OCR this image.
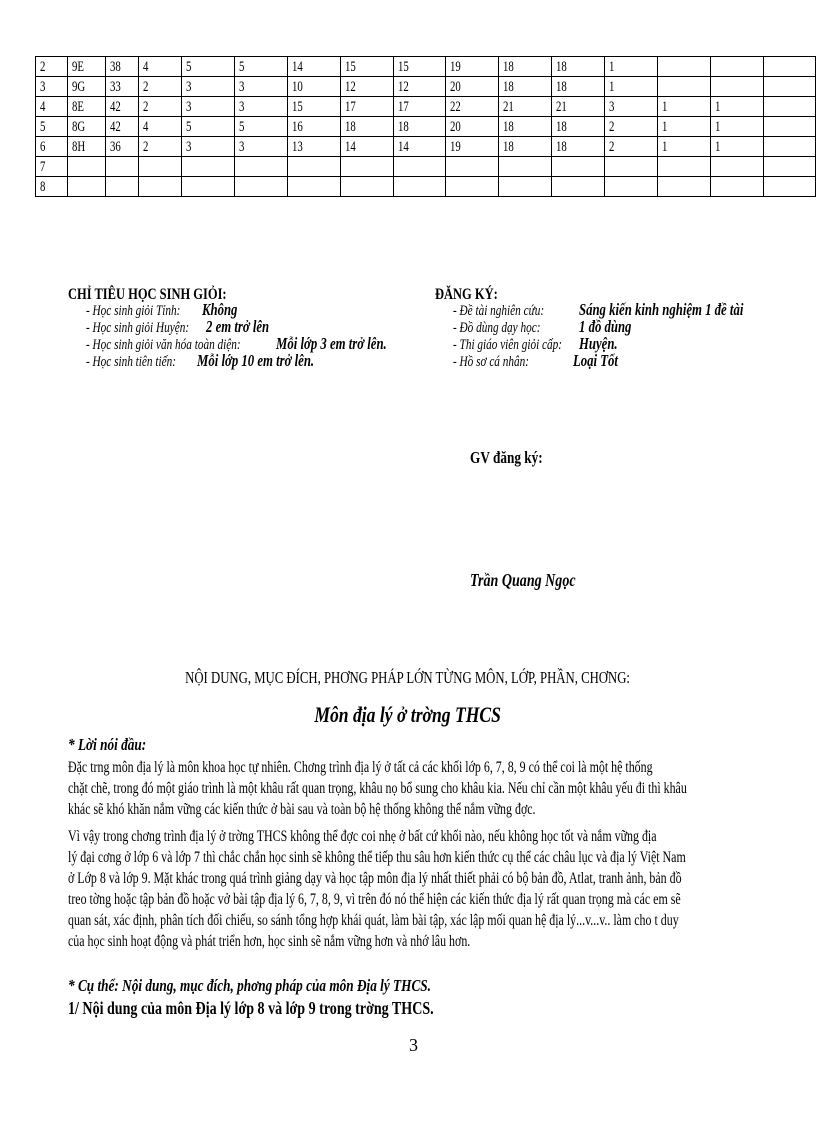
2	9E	38	4	5	5	14	15	15	19	18	18	1			
3	9G	33	2	3	3	10	12	12	20	18	18	1			
4	8E	42	2	3	3	15	17	17	22	21	21	3	1	1	
5	8G	42	4	5	5	16	18	18	20	18	18	2	1	1	
6	8H	36	2	3	3	13	14	14	19	18	18	2	1	1	
7															
8															
CHỈ TIÊU HỌC SINH GIỎI:
- Học sinh giỏi Tỉnh: Không
- Học sinh giỏi Huyện: 2 em trở lên
- Học sinh giỏi văn hóa toàn diện: Mỗi lớp 3 em trở lên.
- Học sinh tiên tiến: Mỗi lớp 10 em trở lên.
ĐĂNG KÝ:
- Đề tài nghiên cứu: Sáng kiến kinh nghiệm 1 đề tài
- Đồ dùng dạy học: 1 đồ dùng
- Thi giáo viên giỏi cấp: Huyện.
- Hồ sơ cá nhân:	Loại Tốt
GV đăng ký:
Trần Quang Ngọc
NỘI DUNG, MỤC ĐÍCH, PHƠNG PHÁP LỚN TỪNG MÔN, LỚP, PHẦN, CHƠNG:
Môn địa lý ở trờng THCS
* Lời nói đầu:
Đặc trng môn địa lý là môn khoa học tự nhiên. Chơng trình địa lý ở tất cả các khối lớp 6, 7, 8, 9 có thể coi là một hệ thống
chặt chẽ, trong đó một giáo trình là một khâu rất quan trọng, khâu nọ bổ sung cho khâu kia. Nếu chỉ cần một khâu yếu đi thì khâu
khác sẽ khó khăn nắm vững các kiến thức ở bài sau và toàn bộ hệ thống không thể nắm vững đợc.
Vì vậy trong chơng trình địa lý ở trờng THCS không thể đợc coi nhẹ ở bất cứ khối nào, nếu không học tốt và nắm vững địa
lý đại cơng ở lớp 6 và lớp 7 thì chắc chắn học sinh sẽ không thể tiếp thu sâu hơn kiến thức cụ thể các châu lục và địa lý Việt Nam
ở Lớp 8 và lớp 9. Mặt khác trong quá trình giảng dạy và học tập môn địa lý nhất thiết phải có bộ bản đồ, Atlat, tranh ảnh, bản đồ
treo tờng hoặc tập bản đồ hoặc vở bài tập địa lý 6, 7, 8, 9, vì trên đó nó thể hiện các kiến thức địa lý rất quan trọng mà các em sẽ
quan sát, xác định, phân tích đối chiếu, so sánh tổng hợp khái quát, làm bài tập, xác lập mối quan hệ địa lý...v...v.. làm cho t duy
của học sinh hoạt động và phát triển hơn, học sinh sẽ nắm vững hơn và nhớ lâu hơn.
* Cụ thể: Nội dung, mục đích, phơng pháp của môn Địa lý THCS.
1/ Nội dung của môn Địa lý lớp 8 và lớp 9 trong trờng THCS.
3
